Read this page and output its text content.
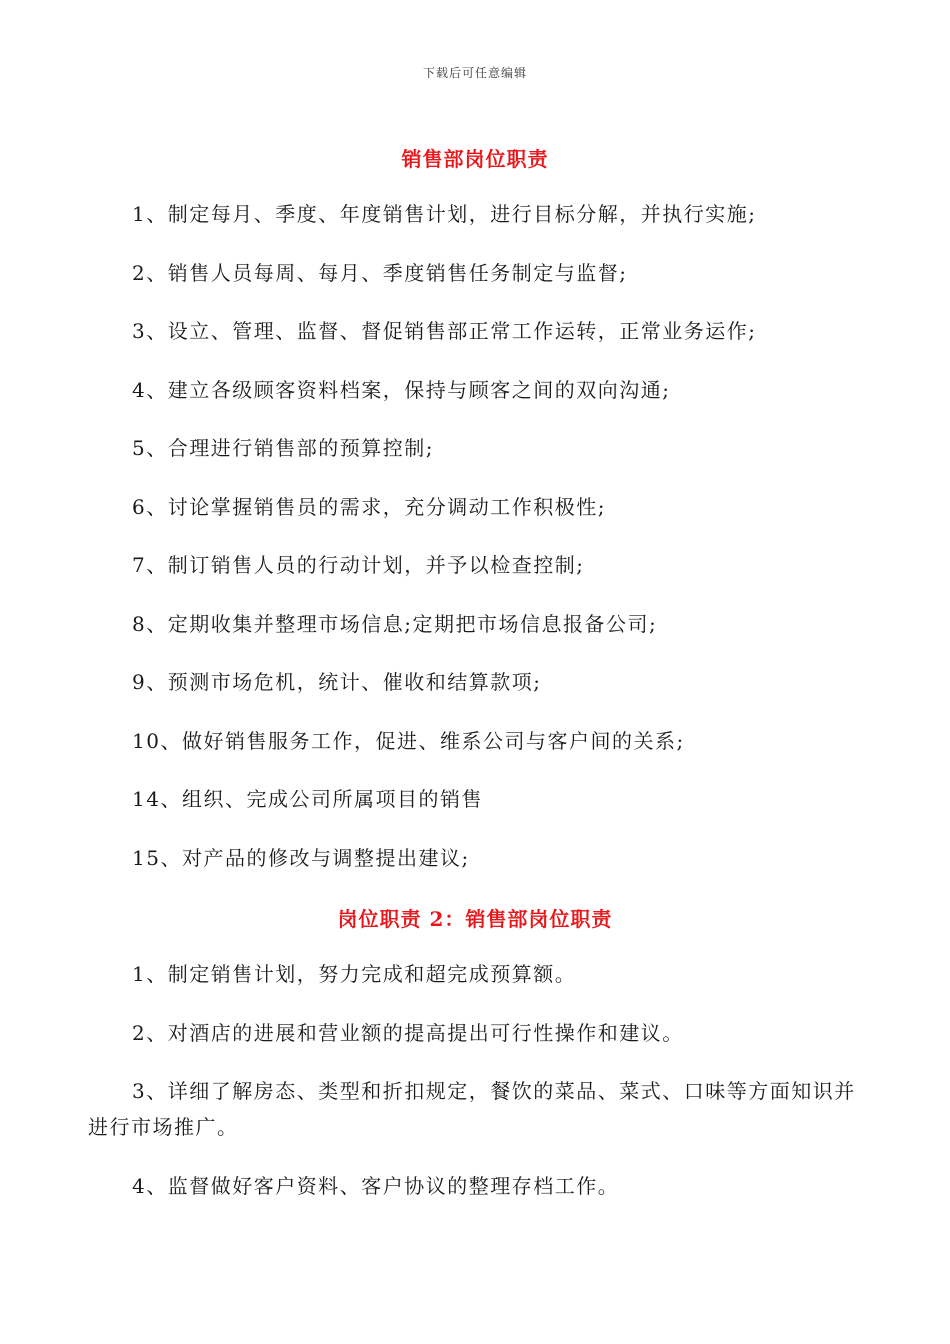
下载后可任意编辑
销售部岗位职责
1、制定每月、季度、年度销售计划，进行目标分解，并执行实施;
2、销售人员每周、每月、季度销售任务制定与监督;
3、设立、管理、监督、督促销售部正常工作运转，正常业务运作;
4、建立各级顾客资料档案，保持与顾客之间的双向沟通;
5、合理进行销售部的预算控制;
6、讨论掌握销售员的需求，充分调动工作积极性;
7、制订销售人员的行动计划，并予以检查控制;
8、定期收集并整理市场信息;定期把市场信息报备公司;
9、预测市场危机，统计、催收和结算款项;
10、做好销售服务工作，促进、维系公司与客户间的关系;
14、组织、完成公司所属项目的销售
15、对产品的修改与调整提出建议;
岗位职责 2：销售部岗位职责
1、制定销售计划，努力完成和超完成预算额。
2、对酒店的进展和营业额的提高提出可行性操作和建议。
3、详细了解房态、类型和折扣规定，餐饮的菜品、菜式、口味等方面知识并进行市场推广。
4、监督做好客户资料、客户协议的整理存档工作。
